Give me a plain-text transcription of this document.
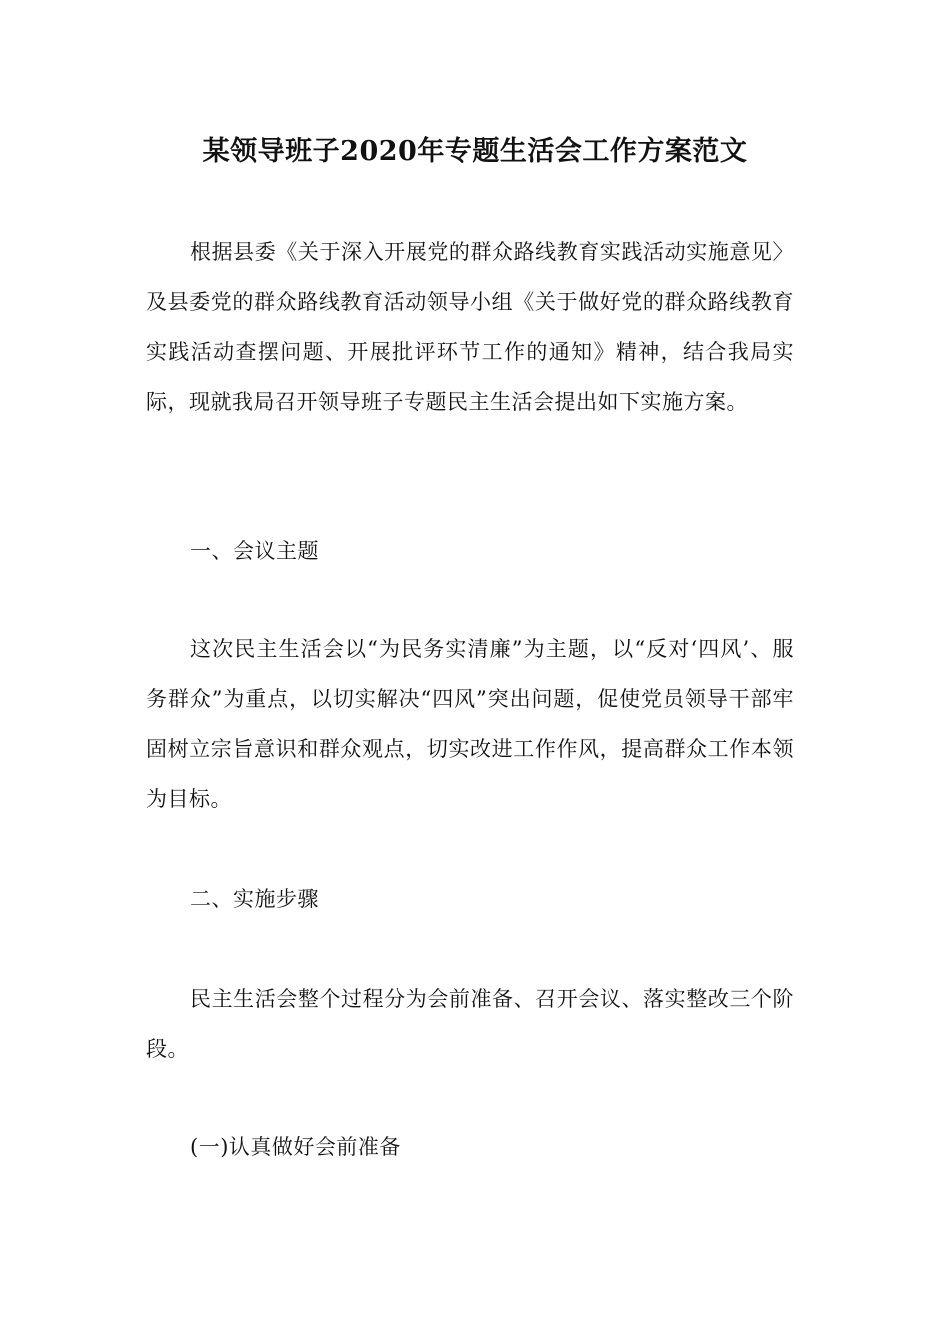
某领导班子2020年专题生活会工作方案范文

根据县委《关于深入开展党的群众路线教育实践活动实施意见〉及县委党的群众路线教育活动领导小组《关于做好党的群众路线教育实践活动查摆问题、开展批评环节工作的通知》精神，结合我局实际，现就我局召开领导班子专题民主生活会提出如下实施方案。

一、会议主题

这次民主生活会以“为民务实清廉”为主题，以“反对‘四风’、服务群众”为重点，以切实解决“四风”突出问题，促使党员领导干部牢固树立宗旨意识和群众观点，切实改进工作作风，提高群众工作本领为目标。

二、实施步骤

民主生活会整个过程分为会前准备、召开会议、落实整改三个阶段。

(一)认真做好会前准备
